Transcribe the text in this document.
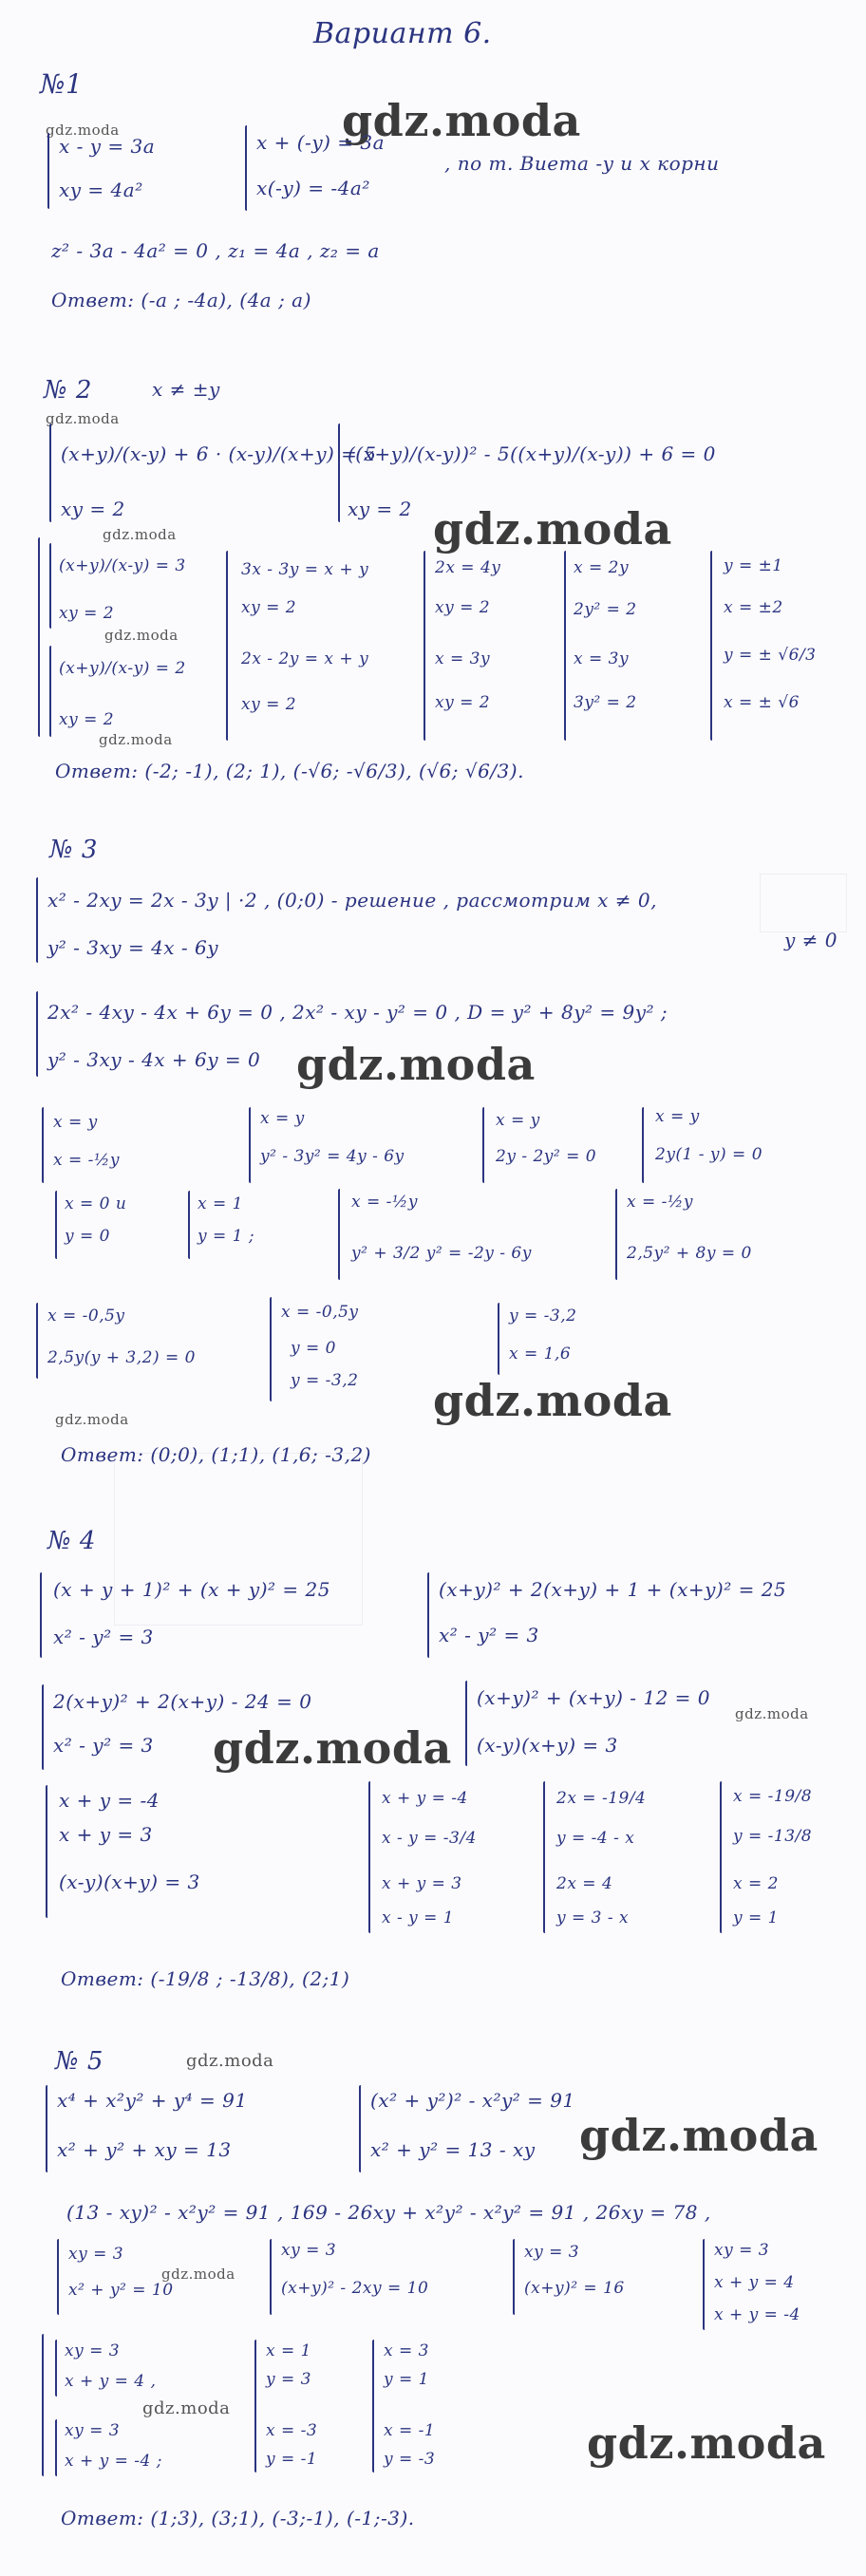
Вариант 6.
№1
gdz.moda	gdz.moda
x - y = 3a
xy = 4a²
x + (-y) = 3a
x(-y) = -4a²
, по т. Виета -y и x корни
z² - 3a - 4a² = 0 , z₁ = 4a , z₂ = a
Ответ: (-a ; -4a), (4a ; a)
№ 2	x ≠ ±y
gdz.moda
(x+y)/(x-y) + 6 · (x-y)/(x+y) = 5
xy = 2
((x+y)/(x-y))² - 5((x+y)/(x-y)) + 6 = 0
xy = 2 gdz.moda
gdz.moda
(x+y)/(x-y) = 3
xy = 2
gdz.moda
(x+y)/(x-y) = 2
xy = 2
gdz.moda
3x - 3y = x + y
xy = 2
2x - 2y = x + y
xy = 2
2x = 4y
xy = 2
x = 3y
xy = 2
x = 2y
2y² = 2
x = 3y
3y² = 2
y = ±1
x = ±2
y = ± √6/3
x = ± √6
Ответ: (-2; -1), (2; 1), (-√6; -√6/3), (√6; √6/3).
№ 3
x² - 2xy = 2x - 3y | ·2 , (0;0) - решение , рассмотрим x ≠ 0,
y ≠ 0
y² - 3xy = 4x - 6y
2x² - 4xy - 4x + 6y = 0 , 2x² - xy - y² = 0 , D = y² + 8y² = 9y² ;
y² - 3xy - 4x + 6y = 0 gdz.moda
x = y
x = -½y
x = y
y² - 3y² = 4y - 6y
x = y
2y - 2y² = 0
x = y
2y(1 - y) = 0
x = 0 и
y = 0
x = 1
y = 1 ;
x = -½y
y² + 3/2 y² = -2y - 6y
x = -½y
2,5y² + 8y = 0
x = -0,5y
2,5y(y + 3,2) = 0
x = -0,5y
y = 0
y = -3,2
y = -3,2
x = 1,6
gdz.moda
gdz.moda
Ответ: (0;0), (1;1), (1,6; -3,2)
№ 4
(x + y + 1)² + (x + y)² = 25
x² - y² = 3
(x+y)² + 2(x+y) + 1 + (x+y)² = 25
x² - y² = 3
2(x+y)² + 2(x+y) - 24 = 0
x² - y² = 3 gdz.moda
(x+y)² + (x+y) - 12 = 0
(x-y)(x+y) = 3
gdz.moda
x + y = -4
x + y = 3
(x-y)(x+y) = 3
x + y = -4
x - y = -3/4
x + y = 3
x - y = 1
2x = -19/4
y = -4 - x
2x = 4
y = 3 - x
x = -19/8
y = -13/8
x = 2
y = 1
Ответ: (-19/8 ; -13/8), (2;1)
№ 5	gdz.moda
x⁴ + x²y² + y⁴ = 91
x² + y² + xy = 13
(x² + y²)² - x²y² = 91
x² + y² = 13 - xy gdz.moda
(13 - xy)² - x²y² = 91 , 169 - 26xy + x²y² - x²y² = 91 , 26xy = 78 ,
xy = 3
x² + y² = 10
gdz.moda
xy = 3
(x+y)² - 2xy = 10
xy = 3
(x+y)² = 16
xy = 3
x + y = 4
x + y = -4
xy = 3
x + y = 4 ,
gdz.moda
xy = 3
x + y = -4 ;
x = 1
y = 3
x = -3
y = -1
x = 3
y = 1
x = -1
y = -3	gdz.moda
Ответ: (1;3), (3;1), (-3;-1), (-1;-3).
